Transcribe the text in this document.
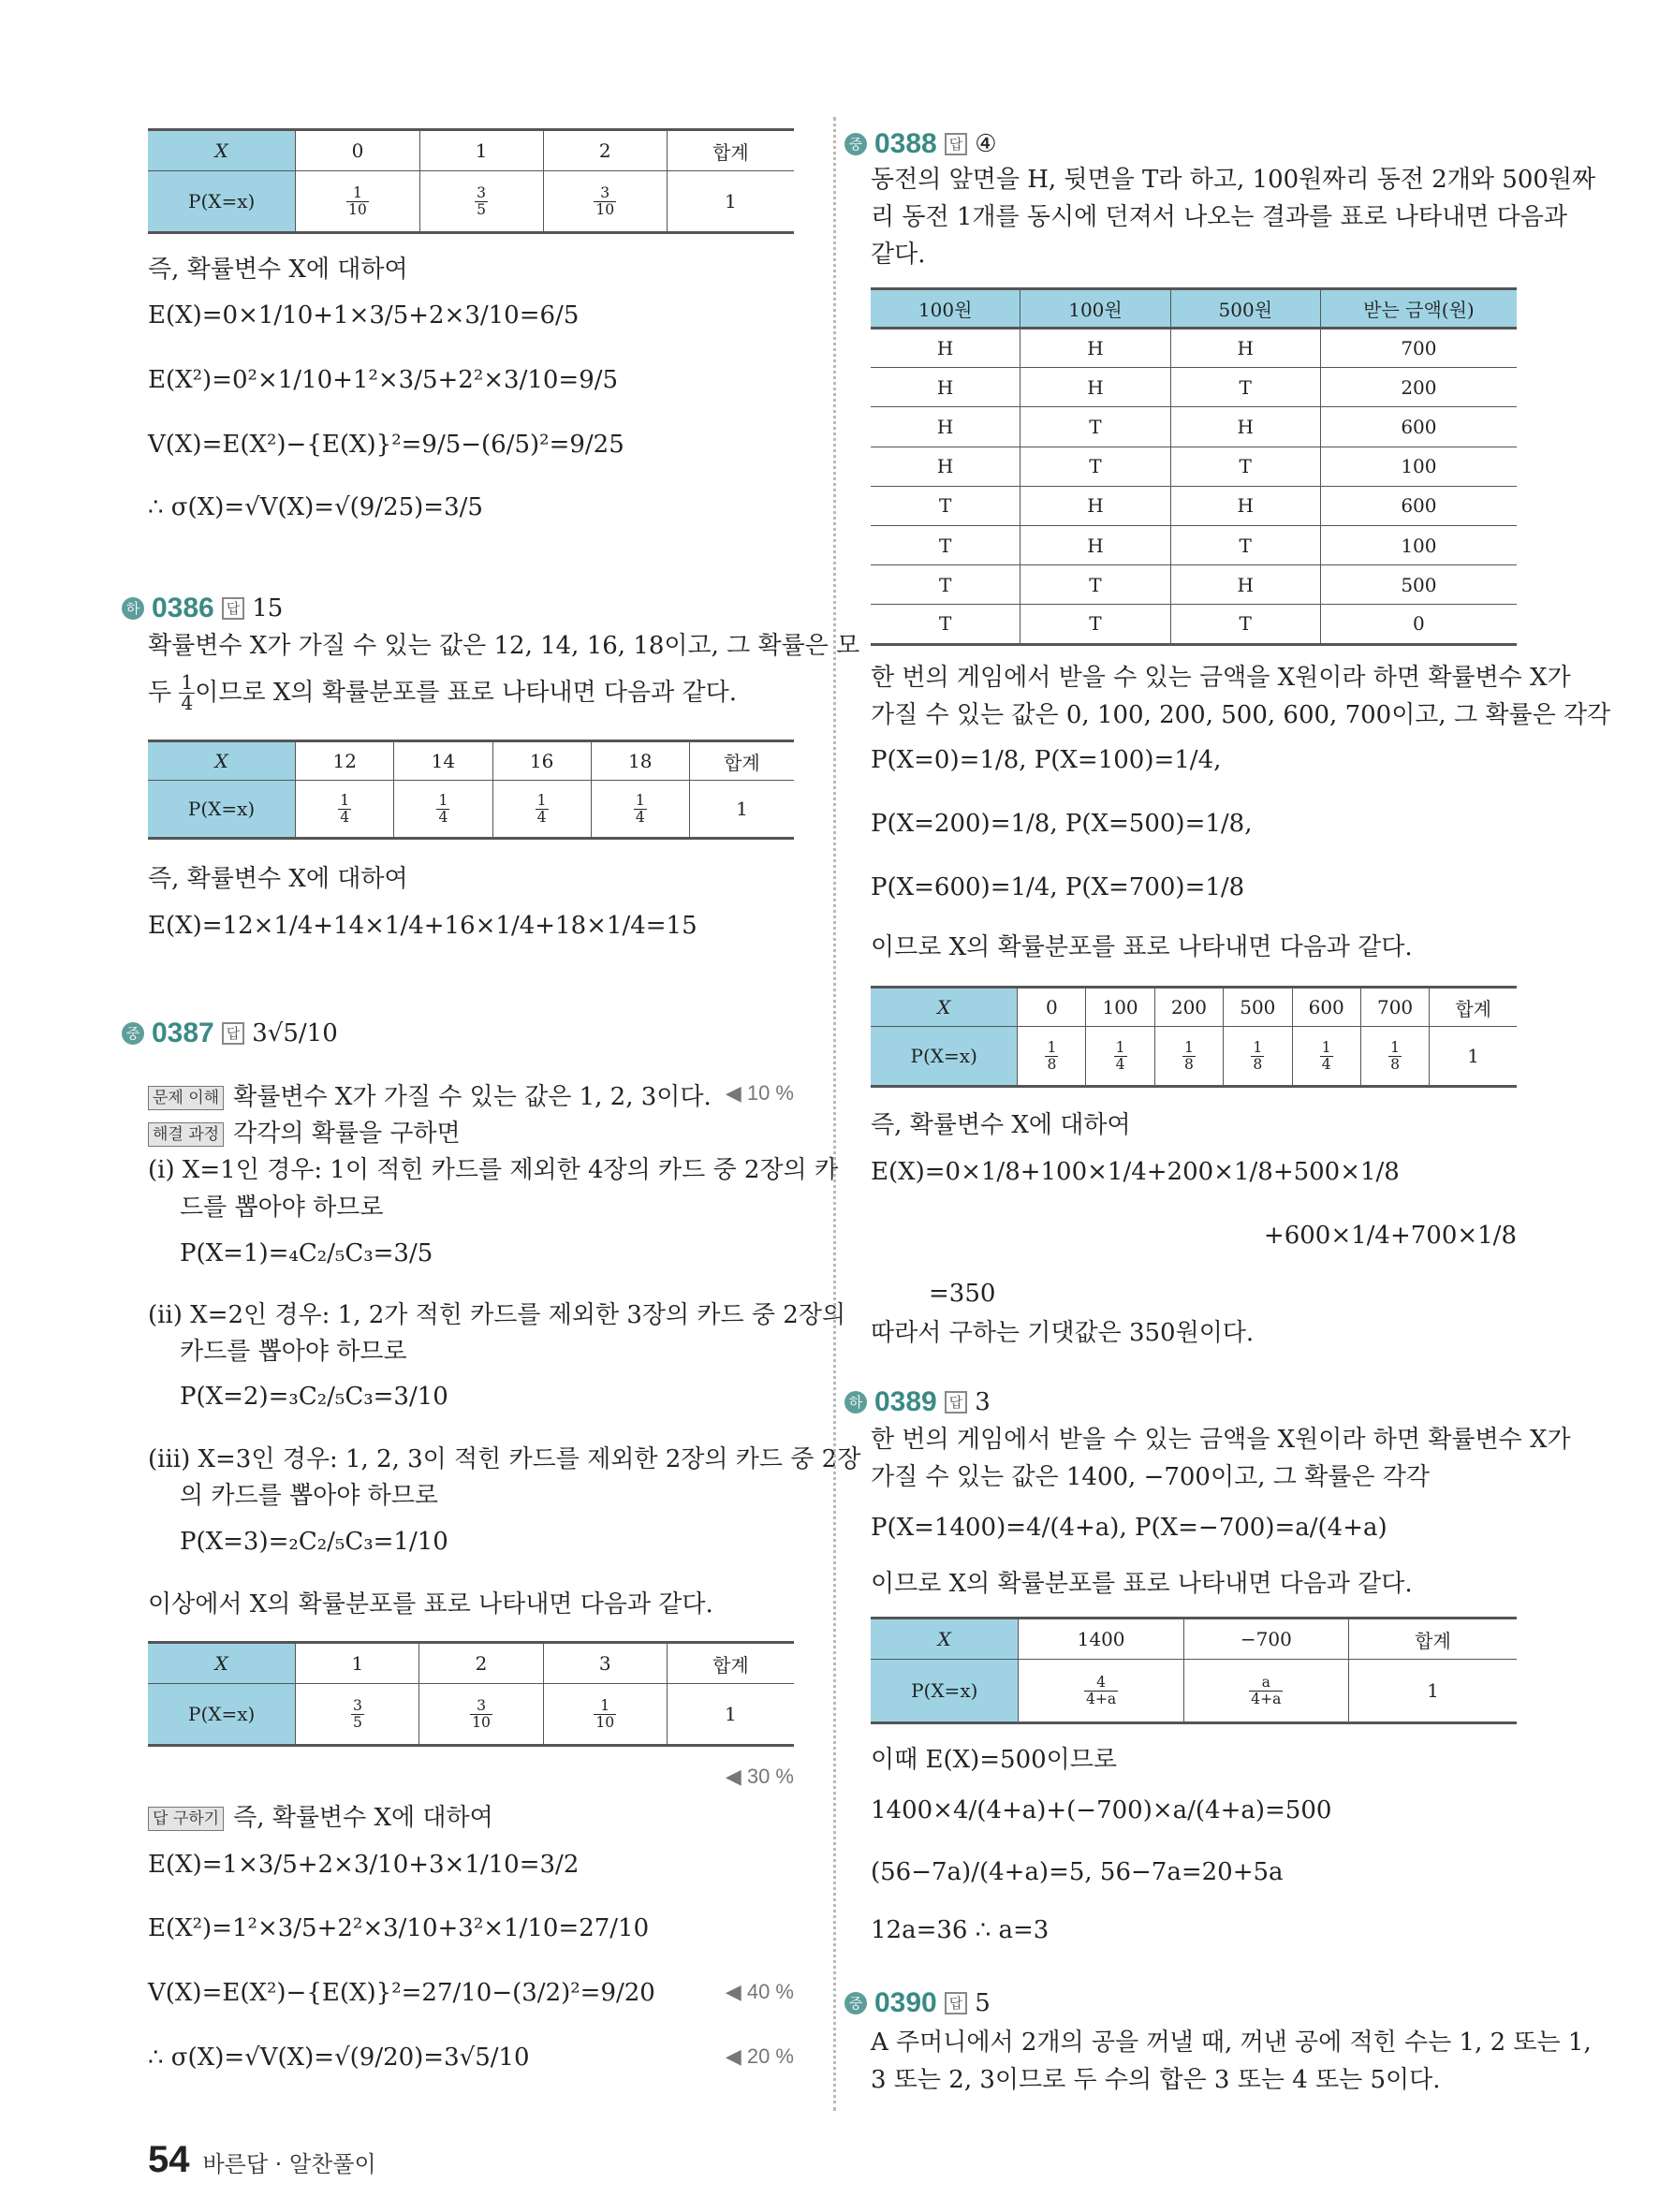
X	0	1	2	합계
P(X=x)	$\frac{1}{10}$	$\frac{3}{5}$	$\frac{3}{10}$	1
즉, 확률변수 X에 대하여
E(X)=0×1/10+1×3/5+2×3/10=6/5
E(X²)=0²×1/10+1²×3/5+2²×3/10=9/5
V(X)=E(X²)−{E(X)}²=9/5−(6/5)²=9/25
∴ σ(X)=√V(X)=√(9/25)=3/5
하 0386 답 15
확률변수 X가 가질 수 있는 값은 12, 14, 16, 18이고, 그 확률은 모
두 $\frac{1}{4}$ 이므로 X의 확률분포를 표로 나타내면 다음과 같다.
X	12	14	16	18	합계
P(X=x)	$\frac{1}{4}$	$\frac{1}{4}$	$\frac{1}{4}$	$\frac{1}{4}$	1
즉, 확률변수 X에 대하여
E(X)=12×1/4+14×1/4+16×1/4+18×1/4=15
중 0387 답 3√5/10
문제 이해 확률변수 X가 가질 수 있는 값은 1, 2, 3이다. ◀ 10 %
해결 과정 각각의 확률을 구하면
(ⅰ) X=1인 경우: 1이 적힌 카드를 제외한 4장의 카드 중 2장의 카
드를 뽑아야 하므로
P(X=1)=₄C₂/₅C₃=3/5
(ⅱ) X=2인 경우: 1, 2가 적힌 카드를 제외한 3장의 카드 중 2장의
카드를 뽑아야 하므로
P(X=2)=₃C₂/₅C₃=3/10
(ⅲ) X=3인 경우: 1, 2, 3이 적힌 카드를 제외한 2장의 카드 중 2장
의 카드를 뽑아야 하므로
P(X=3)=₂C₂/₅C₃=1/10
이상에서 X의 확률분포를 표로 나타내면 다음과 같다.
X	1	2	3	합계
P(X=x)	$\frac{3}{5}$	$\frac{3}{10}$	$\frac{1}{10}$	1
◀ 30 %
답 구하기 즉, 확률변수 X에 대하여
E(X)=1×3/5+2×3/10+3×1/10=3/2
E(X²)=1²×3/5+2²×3/10+3²×1/10=27/10
V(X)=E(X²)−{E(X)}²=27/10−(3/2)²=9/20	◀ 40 %
∴ σ(X)=√V(X)=√(9/20)=3√5/10	◀ 20 %
중 0388 답 ④
동전의 앞면을 H, 뒷면을 T라 하고, 100원짜리 동전 2개와 500원짜
리 동전 1개를 동시에 던져서 나오는 결과를 표로 나타내면 다음과
같다.
100원	100원	500원	받는 금액(원)
H	H	H	700
H	H	T	200
H	T	H	600
H	T	T	100
T	H	H	600
T	H	T	100
T	T	H	500
T	T	T	0
한 번의 게임에서 받을 수 있는 금액을 X원이라 하면 확률변수 X가
가질 수 있는 값은 0, 100, 200, 500, 600, 700이고, 그 확률은 각각
P(X=0)=1/8, P(X=100)=1/4,
P(X=200)=1/8, P(X=500)=1/8,
P(X=600)=1/4, P(X=700)=1/8
이므로 X의 확률분포를 표로 나타내면 다음과 같다.
X	0	100	200	500	600	700	합계
P(X=x)	$\frac{1}{8}$	$\frac{1}{4}$	$\frac{1}{8}$	$\frac{1}{8}$	$\frac{1}{4}$	$\frac{1}{8}$	1
즉, 확률변수 X에 대하여
E(X)=0×1/8+100×1/4+200×1/8+500×1/8
+600×1/4+700×1/8
=350
따라서 구하는 기댓값은 350원이다.
하 0389 답 3
한 번의 게임에서 받을 수 있는 금액을 X원이라 하면 확률변수 X가
가질 수 있는 값은 1400, −700이고, 그 확률은 각각
P(X=1400)=4/(4+a), P(X=−700)=a/(4+a)
이므로 X의 확률분포를 표로 나타내면 다음과 같다.
X	1400	−700	합계
P(X=x)	$\frac{4}{4+a}$	$\frac{a}{4+a}$	1
이때 E(X)=500이므로
1400×4/(4+a)+(−700)×a/(4+a)=500
(56−7a)/(4+a)=5, 56−7a=20+5a
12a=36 ∴ a=3
중 0390 답 5
A 주머니에서 2개의 공을 꺼낼 때, 꺼낸 공에 적힌 수는 1, 2 또는 1,
3 또는 2, 3이므로 두 수의 합은 3 또는 4 또는 5이다.
54 바른답 · 알찬풀이
